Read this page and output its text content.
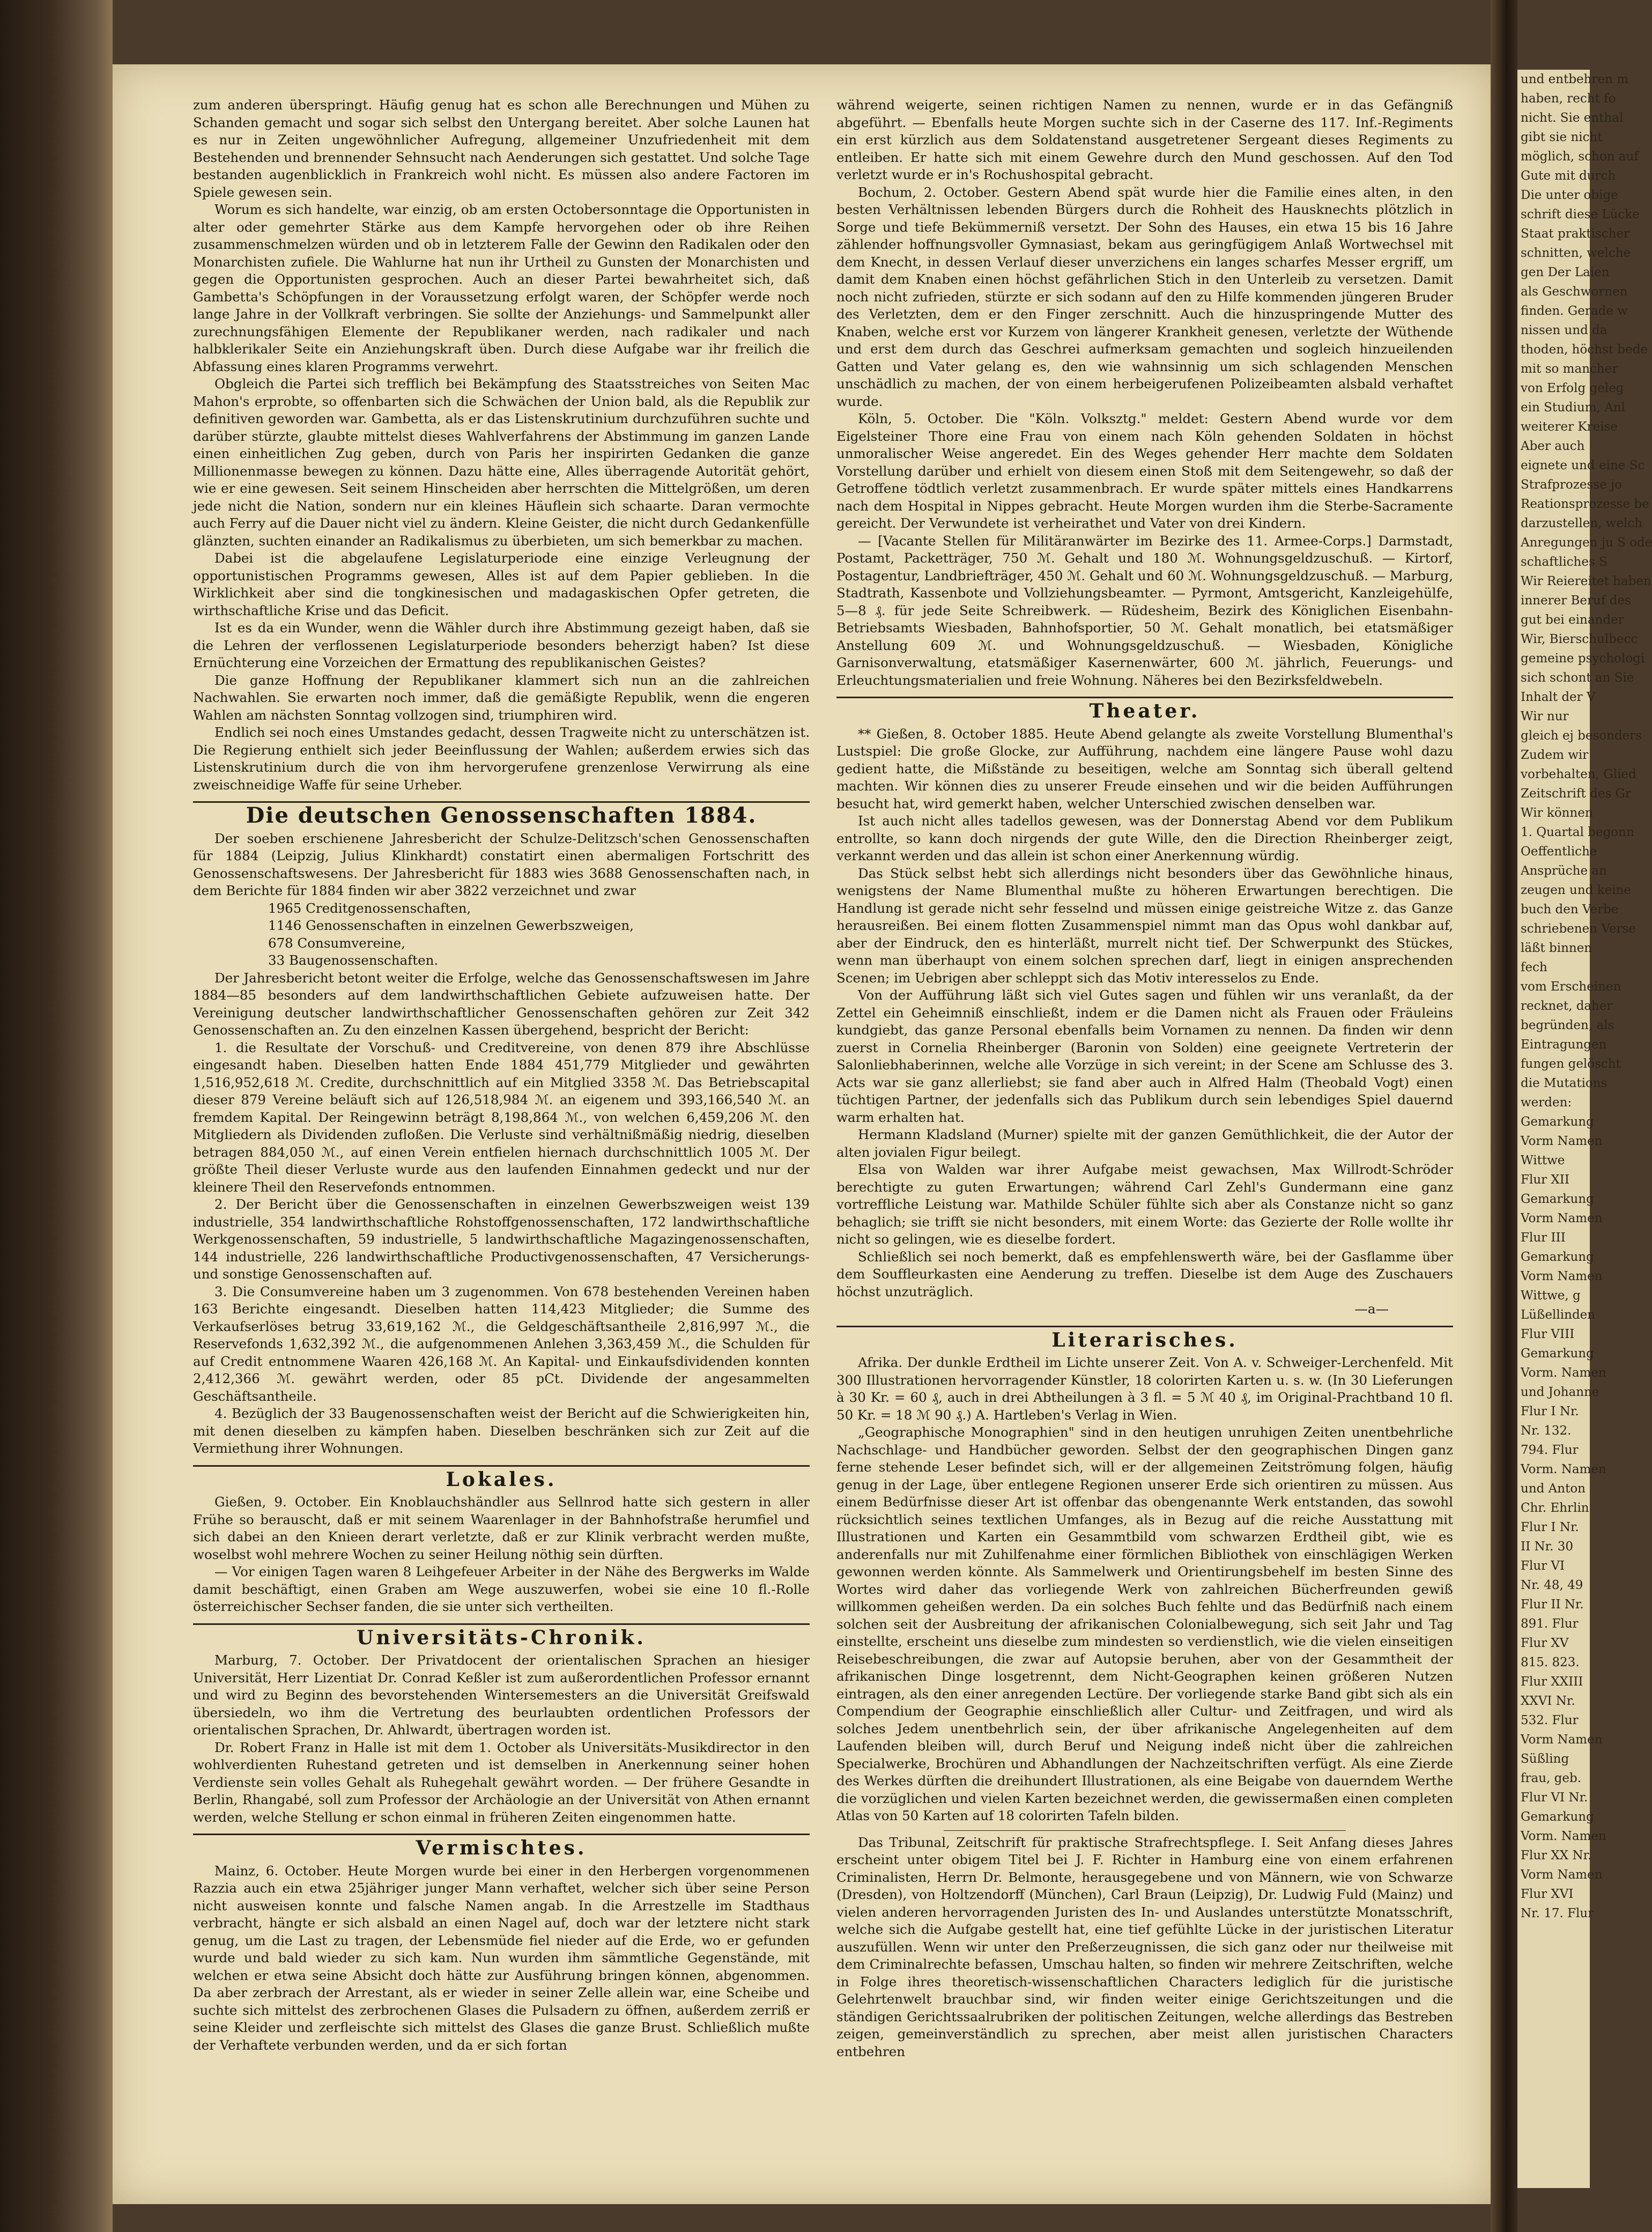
und entbehren m
haben, recht fo
nicht. Sie enthal
gibt sie nicht
möglich, schon auf
Gute mit durch
Die unter obige
schrift diese Lücke
Staat praktischer
schnitten, welche
gen Der Laien
als Geschwornen
finden. Gerade w
nissen und da
thoden, höchst bede
mit so mancher
von Erfolg geleg
ein Studium, Anl
weiterer Kreise
Aber auch
eignete und eine Sc
Strafprozesse jo
Reationsprozesse be
darzustellen, welch
Anregungen ju S ode
schaftliches S
Wir Reiereitet haben
innerer Beruf des
gut bei einander
Wir, Bierschulbecc
gemeine psychologi
sich schont an Sie
Inhalt der V
Wir nur
gleich ej besonders
Zudem wir
vorbehalten, Glied
Zeitschrift des Gr
Wir können
1. Quartal begonn
Oeffentliche
Ansprüche an
zeugen und keine
buch den Verbe
schriebenen Verse
läßt binnen
fech
vom Erscheinen
recknet, daher
begründen, als
Eintragungen
fungen gelöscht
die Mutations
werden:
Gemarkung
Vorm Namen
Wittwe
Flur XII
Gemarkung
Vorm Namen
Flur III
Gemarkung
Vorm Namen
Wittwe, g
Lüßellinden
Flur VIII
Gemarkung
Vorm. Namen
und Johanne
Flur I Nr.
Nr. 132.
794. Flur
Vorm. Namen
und Anton
Chr. Ehrlin
Flur I Nr.
II Nr. 30
Flur VI
Nr. 48, 49
Flur II Nr.
891. Flur
Flur XV
815. 823.
Flur XXIII
XXVI Nr.
532. Flur
Vorm Namen
Süßling
frau, geb.
Flur VI Nr.
Gemarkung
Vorm. Namen
Flur XX Nr.
Vorm Namen
Flur XVI
Nr. 17. Flur

zum anderen überspringt. Häufig genug hat es schon alle Berechnungen und Mühen zu Schanden gemacht und sogar sich selbst den Untergang bereitet. Aber solche Launen hat es nur in Zeiten ungewöhnlicher Aufregung, allgemeiner Unzufriedenheit mit dem Bestehenden und brennender Sehnsucht nach Aenderungen sich gestattet. Und solche Tage bestanden augenblicklich in Frankreich wohl nicht. Es müssen also andere Factoren im Spiele gewesen sein.

Worum es sich handelte, war einzig, ob am ersten Octobersonntage die Opportunisten in alter oder gemehrter Stärke aus dem Kampfe hervorgehen oder ob ihre Reihen zusammenschmelzen würden und ob in letzterem Falle der Gewinn den Radikalen oder den Monarchisten zufiele. Die Wahlurne hat nun ihr Urtheil zu Gunsten der Monarchisten und gegen die Opportunisten gesprochen. Auch an dieser Partei bewahrheitet sich, daß Gambetta's Schöpfungen in der Voraussetzung erfolgt waren, der Schöpfer werde noch lange Jahre in der Vollkraft verbringen. Sie sollte der Anziehungs- und Sammelpunkt aller zurechnungsfähigen Elemente der Republikaner werden, nach radikaler und nach halbklerikaler Seite ein Anziehungskraft üben. Durch diese Aufgabe war ihr freilich die Abfassung eines klaren Programms verwehrt.

Obgleich die Partei sich trefflich bei Bekämpfung des Staatsstreiches von Seiten Mac Mahon's erprobte, so offenbarten sich die Schwächen der Union bald, als die Republik zur definitiven geworden war. Gambetta, als er das Listenskrutinium durchzuführen suchte und darüber stürzte, glaubte mittelst dieses Wahlverfahrens der Abstimmung im ganzen Lande einen einheitlichen Zug geben, durch von Paris her inspirirten Gedanken die ganze Millionenmasse bewegen zu können. Dazu hätte eine, Alles überragende Autorität gehört, wie er eine gewesen. Seit seinem Hinscheiden aber herrschten die Mittelgrößen, um deren jede nicht die Nation, sondern nur ein kleines Häuflein sich schaarte. Daran vermochte auch Ferry auf die Dauer nicht viel zu ändern. Kleine Geister, die nicht durch Gedankenfülle glänzten, suchten einander an Radikalismus zu überbieten, um sich bemerkbar zu machen.

Dabei ist die abgelaufene Legislaturperiode eine einzige Verleugnung der opportunistischen Programms gewesen, Alles ist auf dem Papier geblieben. In die Wirklichkeit aber sind die tongkinesischen und madagaskischen Opfer getreten, die wirthschaftliche Krise und das Deficit.

Ist es da ein Wunder, wenn die Wähler durch ihre Abstimmung gezeigt haben, daß sie die Lehren der verflossenen Legislaturperiode besonders beherzigt haben? Ist diese Ernüchterung eine Vorzeichen der Ermattung des republikanischen Geistes?

Die ganze Hoffnung der Republikaner klammert sich nun an die zahlreichen Nachwahlen. Sie erwarten noch immer, daß die gemäßigte Republik, wenn die engeren Wahlen am nächsten Sonntag vollzogen sind, triumphiren wird.

Endlich sei noch eines Umstandes gedacht, dessen Tragweite nicht zu unterschätzen ist. Die Regierung enthielt sich jeder Beeinflussung der Wahlen; außerdem erwies sich das Listenskrutinium durch die von ihm hervorgerufene grenzenlose Verwirrung als eine zweischneidige Waffe für seine Urheber.

Die deutschen Genossenschaften 1884.

Der soeben erschienene Jahresbericht der Schulze-Delitzsch'schen Genossenschaften für 1884 (Leipzig, Julius Klinkhardt) constatirt einen abermaligen Fortschritt des Genossenschaftswesens. Der Jahresbericht für 1883 wies 3688 Genossenschaften nach, in dem Berichte für 1884 finden wir aber 3822 verzeichnet und zwar

1965 Creditgenossenschaften,
1146 Genossenschaften in einzelnen Gewerbszweigen,
678 Consumvereine,
33 Baugenossenschaften.

Der Jahresbericht betont weiter die Erfolge, welche das Genossenschaftswesen im Jahre 1884—85 besonders auf dem landwirthschaftlichen Gebiete aufzuweisen hatte. Der Vereinigung deutscher landwirthschaftlicher Genossenschaften gehören zur Zeit 342 Genossenschaften an. Zu den einzelnen Kassen übergehend, bespricht der Bericht:

1. die Resultate der Vorschuß- und Creditvereine, von denen 879 ihre Abschlüsse eingesandt haben. Dieselben hatten Ende 1884 451,779 Mitglieder und gewährten 1,516,952,618 ℳ. Credite, durchschnittlich auf ein Mitglied 3358 ℳ. Das Betriebscapital dieser 879 Vereine beläuft sich auf 126,518,984 ℳ. an eigenem und 393,166,540 ℳ. an fremdem Kapital. Der Reingewinn beträgt 8,198,864 ℳ., von welchen 6,459,206 ℳ. den Mitgliedern als Dividenden zufloßen. Die Verluste sind verhältnißmäßig niedrig, dieselben betragen 884,050 ℳ., auf einen Verein entfielen hiernach durchschnittlich 1005 ℳ. Der größte Theil dieser Verluste wurde aus den laufenden Einnahmen gedeckt und nur der kleinere Theil den Reservefonds entnommen.

2. Der Bericht über die Genossenschaften in einzelnen Gewerbszweigen weist 139 industrielle, 354 landwirthschaftliche Rohstoffgenossenschaften, 172 landwirthschaftliche Werkgenossenschaften, 59 industrielle, 5 landwirthschaftliche Magazingenossenschaften, 144 industrielle, 226 landwirthschaftliche Productivgenossenschaften, 47 Versicherungs- und sonstige Genossenschaften auf.

3. Die Consumvereine haben um 3 zugenommen. Von 678 bestehenden Vereinen haben 163 Berichte eingesandt. Dieselben hatten 114,423 Mitglieder; die Summe des Verkaufserlöses betrug 33,619,162 ℳ., die Geldgeschäftsantheile 2,816,997 ℳ., die Reservefonds 1,632,392 ℳ., die aufgenommenen Anlehen 3,363,459 ℳ., die Schulden für auf Credit entnommene Waaren 426,168 ℳ. An Kapital- und Einkaufsdividenden konnten 2,412,366 ℳ. gewährt werden, oder 85 pCt. Dividende der angesammelten Geschäftsantheile.

4. Bezüglich der 33 Baugenossenschaften weist der Bericht auf die Schwierigkeiten hin, mit denen dieselben zu kämpfen haben. Dieselben beschränken sich zur Zeit auf die Vermiethung ihrer Wohnungen.

Lokales.

Gießen, 9. October. Ein Knoblauchshändler aus Sellnrod hatte sich gestern in aller Frühe so berauscht, daß er mit seinem Waarenlager in der Bahnhofstraße herumfiel und sich dabei an den Knieen derart verletzte, daß er zur Klinik verbracht werden mußte, woselbst wohl mehrere Wochen zu seiner Heilung nöthig sein dürften.

— Vor einigen Tagen waren 8 Leihgefeuer Arbeiter in der Nähe des Bergwerks im Walde damit beschäftigt, einen Graben am Wege auszuwerfen, wobei sie eine 10 fl.-Rolle österreichischer Sechser fanden, die sie unter sich vertheilten.

Universitäts-Chronik.

Marburg, 7. October. Der Privatdocent der orientalischen Sprachen an hiesiger Universität, Herr Lizentiat Dr. Conrad Keßler ist zum außerordentlichen Professor ernannt und wird zu Beginn des bevorstehenden Wintersemesters an die Universität Greifswald übersiedeln, wo ihm die Vertretung des beurlaubten ordentlichen Professors der orientalischen Sprachen, Dr. Ahlwardt, übertragen worden ist.

Dr. Robert Franz in Halle ist mit dem 1. October als Universitäts-Musikdirector in den wohlverdienten Ruhestand getreten und ist demselben in Anerkennung seiner hohen Verdienste sein volles Gehalt als Ruhegehalt gewährt worden. — Der frühere Gesandte in Berlin, Rhangabé, soll zum Professor der Archäologie an der Universität von Athen ernannt werden, welche Stellung er schon einmal in früheren Zeiten eingenommen hatte.

Vermischtes.

Mainz, 6. October. Heute Morgen wurde bei einer in den Herbergen vorgenommenen Razzia auch ein etwa 25jähriger junger Mann verhaftet, welcher sich über seine Person nicht ausweisen konnte und falsche Namen angab. In die Arrestzelle im Stadthaus verbracht, hängte er sich alsbald an einen Nagel auf, doch war der letztere nicht stark genug, um die Last zu tragen, der Lebensmüde fiel nieder auf die Erde, wo er gefunden wurde und bald wieder zu sich kam. Nun wurden ihm sämmtliche Gegenstände, mit welchen er etwa seine Absicht doch hätte zur Ausführung bringen können, abgenommen. Da aber zerbrach der Arrestant, als er wieder in seiner Zelle allein war, eine Scheibe und suchte sich mittelst des zerbrochenen Glases die Pulsadern zu öffnen, außerdem zerriß er seine Kleider und zerfleischte sich mittelst des Glases die ganze Brust. Schließlich mußte der Verhaftete verbunden werden, und da er sich fortan

während weigerte, seinen richtigen Namen zu nennen, wurde er in das Gefängniß abgeführt. — Ebenfalls heute Morgen suchte sich in der Caserne des 117. Inf.-Regiments ein erst kürzlich aus dem Soldatenstand ausgetretener Sergeant dieses Regiments zu entleiben. Er hatte sich mit einem Gewehre durch den Mund geschossen. Auf den Tod verletzt wurde er in's Rochushospital gebracht.

Bochum, 2. October. Gestern Abend spät wurde hier die Familie eines alten, in den besten Verhältnissen lebenden Bürgers durch die Rohheit des Hausknechts plötzlich in Sorge und tiefe Bekümmerniß versetzt. Der Sohn des Hauses, ein etwa 15 bis 16 Jahre zählender hoffnungsvoller Gymnasiast, bekam aus geringfügigem Anlaß Wortwechsel mit dem Knecht, in dessen Verlauf dieser unverzichens ein langes scharfes Messer ergriff, um damit dem Knaben einen höchst gefährlichen Stich in den Unterleib zu versetzen. Damit noch nicht zufrieden, stürzte er sich sodann auf den zu Hilfe kommenden jüngeren Bruder des Verletzten, dem er den Finger zerschnitt. Auch die hinzuspringende Mutter des Knaben, welche erst vor Kurzem von längerer Krankheit genesen, verletzte der Wüthende und erst dem durch das Geschrei aufmerksam gemachten und sogleich hinzueilenden Gatten und Vater gelang es, den wie wahnsinnig um sich schlagenden Menschen unschädlich zu machen, der von einem herbeigerufenen Polizeibeamten alsbald verhaftet wurde.

Köln, 5. October. Die "Köln. Volksztg." meldet: Gestern Abend wurde vor dem Eigelsteiner Thore eine Frau von einem nach Köln gehenden Soldaten in höchst unmoralischer Weise angeredet. Ein des Weges gehender Herr machte dem Soldaten Vorstellung darüber und erhielt von diesem einen Stoß mit dem Seitengewehr, so daß der Getroffene tödtlich verletzt zusammenbrach. Er wurde später mittels eines Handkarrens nach dem Hospital in Nippes gebracht. Heute Morgen wurden ihm die Sterbe-Sacramente gereicht. Der Verwundete ist verheirathet und Vater von drei Kindern.

— [Vacante Stellen für Militäranwärter im Bezirke des 11. Armee-Corps.] Darmstadt, Postamt, Packetträger, 750 ℳ. Gehalt und 180 ℳ. Wohnungsgeldzuschuß. — Kirtorf, Postagentur, Landbriefträger, 450 ℳ. Gehalt und 60 ℳ. Wohnungsgeldzuschuß. — Marburg, Stadtrath, Kassenbote und Vollziehungsbeamter. — Pyrmont, Amtsgericht, Kanzleigehülfe, 5—8 ₰. für jede Seite Schreibwerk. — Rüdesheim, Bezirk des Königlichen Eisenbahn-Betriebsamts Wiesbaden, Bahnhofsportier, 50 ℳ. Gehalt monatlich, bei etatsmäßiger Anstellung 609 ℳ. und Wohnungsgeldzuschuß. — Wiesbaden, Königliche Garnisonverwaltung, etatsmäßiger Kasernenwärter, 600 ℳ. jährlich, Feuerungs- und Erleuchtungsmaterialien und freie Wohnung. Näheres bei den Bezirksfeldwebeln.

Theater.

** Gießen, 8. October 1885. Heute Abend gelangte als zweite Vorstellung Blumenthal's Lustspiel: Die große Glocke, zur Aufführung, nachdem eine längere Pause wohl dazu gedient hatte, die Mißstände zu beseitigen, welche am Sonntag sich überall geltend machten. Wir können dies zu unserer Freude einsehen und wir die beiden Aufführungen besucht hat, wird gemerkt haben, welcher Unterschied zwischen denselben war.

Ist auch nicht alles tadellos gewesen, was der Donnerstag Abend vor dem Publikum entrollte, so kann doch nirgends der gute Wille, den die Direction Rheinberger zeigt, verkannt werden und das allein ist schon einer Anerkennung würdig.

Das Stück selbst hebt sich allerdings nicht besonders über das Gewöhnliche hinaus, wenigstens der Name Blumenthal mußte zu höheren Erwartungen berechtigen. Die Handlung ist gerade nicht sehr fesselnd und müssen einige geistreiche Witze z. das Ganze herausreißen. Bei einem flotten Zusammenspiel nimmt man das Opus wohl dankbar auf, aber der Eindruck, den es hinterläßt, murrelt nicht tief. Der Schwerpunkt des Stückes, wenn man überhaupt von einem solchen sprechen darf, liegt in einigen ansprechenden Scenen; im Uebrigen aber schleppt sich das Motiv interesselos zu Ende.

Von der Aufführung läßt sich viel Gutes sagen und fühlen wir uns veranlaßt, da der Zettel ein Geheimniß einschließt, indem er die Damen nicht als Frauen oder Fräuleins kundgiebt, das ganze Personal ebenfalls beim Vornamen zu nennen. Da finden wir denn zuerst in Cornelia Rheinberger (Baronin von Solden) eine geeignete Vertreterin der Salonliebhaberinnen, welche alle Vorzüge in sich vereint; in der Scene am Schlusse des 3. Acts war sie ganz allerliebst; sie fand aber auch in Alfred Halm (Theobald Vogt) einen tüchtigen Partner, der jedenfalls sich das Publikum durch sein lebendiges Spiel dauernd warm erhalten hat.

Hermann Kladsland (Murner) spielte mit der ganzen Gemüthlichkeit, die der Autor der alten jovialen Figur beilegt.

Elsa von Walden war ihrer Aufgabe meist gewachsen, Max Willrodt-Schröder berechtigte zu guten Erwartungen; während Carl Zehl's Gundermann eine ganz vortreffliche Leistung war. Mathilde Schüler fühlte sich aber als Constanze nicht so ganz behaglich; sie trifft sie nicht besonders, mit einem Worte: das Gezierte der Rolle wollte ihr nicht so gelingen, wie es dieselbe fordert.

Schließlich sei noch bemerkt, daß es empfehlenswerth wäre, bei der Gasflamme über dem Souffleurkasten eine Aenderung zu treffen. Dieselbe ist dem Auge des Zuschauers höchst unzuträglich.

—a—
Literarisches.

Afrika. Der dunkle Erdtheil im Lichte unserer Zeit. Von A. v. Schweiger-Lerchenfeld. Mit 300 Illustrationen hervorragender Künstler, 18 colorirten Karten u. s. w. (In 30 Lieferungen à 30 Kr. = 60 ₰, auch in drei Abtheilungen à 3 fl. = 5 ℳ 40 ₰, im Original-Prachtband 10 fl. 50 Kr. = 18 ℳ 90 ₰.) A. Hartleben's Verlag in Wien.

„Geographische Monographien" sind in den heutigen unruhigen Zeiten unentbehrliche Nachschlage- und Handbücher geworden. Selbst der den geographischen Dingen ganz ferne stehende Leser befindet sich, will er der allgemeinen Zeitströmung folgen, häufig genug in der Lage, über entlegene Regionen unserer Erde sich orientiren zu müssen. Aus einem Bedürfnisse dieser Art ist offenbar das obengenannte Werk entstanden, das sowohl rücksichtlich seines textlichen Umfanges, als in Bezug auf die reiche Ausstattung mit Illustrationen und Karten ein Gesammtbild vom schwarzen Erdtheil gibt, wie es anderenfalls nur mit Zuhilfenahme einer förmlichen Bibliothek von einschlägigen Werken gewonnen werden könnte. Als Sammelwerk und Orientirungsbehelf im besten Sinne des Wortes wird daher das vorliegende Werk von zahlreichen Bücherfreunden gewiß willkommen geheißen werden. Da ein solches Buch fehlte und das Bedürfniß nach einem solchen seit der Ausbreitung der afrikanischen Colonialbewegung, sich seit Jahr und Tag einstellte, erscheint uns dieselbe zum mindesten so verdienstlich, wie die vielen einseitigen Reisebeschreibungen, die zwar auf Autopsie beruhen, aber von der Gesammtheit der afrikanischen Dinge losgetrennt, dem Nicht-Geographen keinen größeren Nutzen eintragen, als den einer anregenden Lectüre. Der vorliegende starke Band gibt sich als ein Compendium der Geographie einschließlich aller Cultur- und Zeitfragen, und wird als solches Jedem unentbehrlich sein, der über afrikanische Angelegenheiten auf dem Laufenden bleiben will, durch Beruf und Neigung indeß nicht über die zahlreichen Specialwerke, Brochüren und Abhandlungen der Nachzeitschriften verfügt. Als eine Zierde des Werkes dürften die dreihundert Illustrationen, als eine Beigabe von dauerndem Werthe die vorzüglichen und vielen Karten bezeichnet werden, die gewissermaßen einen completen Atlas von 50 Karten auf 18 colorirten Tafeln bilden.

Das Tribunal, Zeitschrift für praktische Strafrechtspflege. I. Seit Anfang dieses Jahres erscheint unter obigem Titel bei J. F. Richter in Hamburg eine von einem erfahrenen Criminalisten, Herrn Dr. Belmonte, herausgegebene und von Männern, wie von Schwarze (Dresden), von Holtzendorff (München), Carl Braun (Leipzig), Dr. Ludwig Fuld (Mainz) und vielen anderen hervorragenden Juristen des In- und Auslandes unterstützte Monatsschrift, welche sich die Aufgabe gestellt hat, eine tief gefühlte Lücke in der juristischen Literatur auszufüllen. Wenn wir unter den Preßerzeugnissen, die sich ganz oder nur theilweise mit dem Criminalrechte befassen, Umschau halten, so finden wir mehrere Zeitschriften, welche in Folge ihres theoretisch-wissenschaftlichen Characters lediglich für die juristische Gelehrtenwelt brauchbar sind, wir finden weiter einige Gerichtszeitungen und die ständigen Gerichtssaalrubriken der politischen Zeitungen, welche allerdings das Bestreben zeigen, gemeinverständlich zu sprechen, aber meist allen juristischen Characters entbehren
